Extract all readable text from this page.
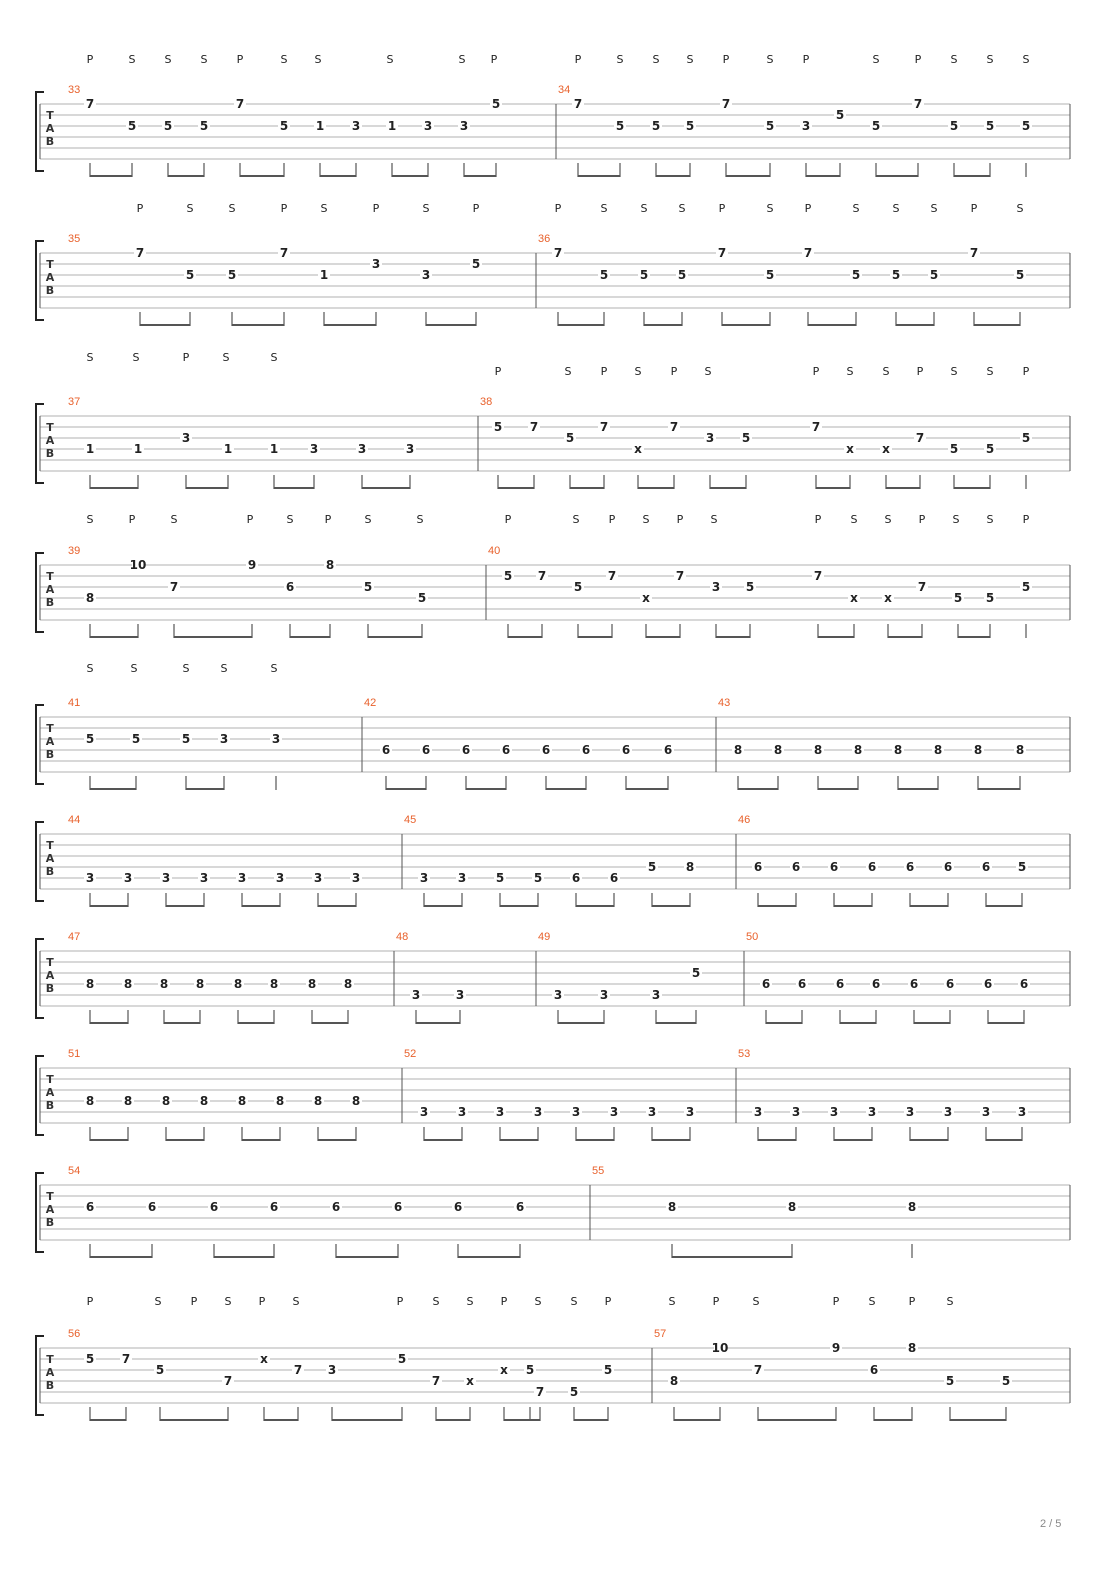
T
A
B
33
7
5 5 5
7
5 1 3 1 3 3
5
34
7
5 5 5
7
5 3
5
5
7
5 5 5
P	S	S	S	P	S S	S	S P	P	S	S S	P	S	P	S	P	S	S	S
T
A
B
35
7
5	5
7
1
3
3
5
36
7
5	5 5
7
5
7
5	5 5
7
5
P	S	S	P	S	P	S	P	P	S	S	S	P	S	P	S	S	S	P	S
T
A
B
37
1	1
3
1	1	3	3	3
38
5 7
5
7
x
7
3 5
7
x x
7
5 5
5
S	S	P	S	S
P	S	P S	P S	P S	S P S	S	P
T
A
B
39
8
10
7
9
6
8
5
5
40
5 7
5
7
x
7
3 5
7
x x
7
5 5
5
S	P	S	P	S	P	S	S	P	S	P S P S	P	S S P S S	P
T
A
B
41
5	5	5 3	3
42
6	6	6	6	6	6	6	6
43
8	8	8	8	8	8	8	8
S	S	S	S	S
T
A
B
44
3 3 3 3 3 3 3 3
45
3 3 5 5 6 6
5 8
46
6 6 6 6 6 6 6 5
T
A
B
47
8 8 8 8 8 8 8 8
48
3	3
49
3	3	3
5
50
6 6 6 6 6 6 6 6
T
A
B
51
8 8 8 8 8 8 8 8
52
3 3 3 3 3 3 3 3
53
3 3 3 3 3 3 3 3
T
A
B
54
6	6	6	6	6	6	6	6
55
8	8	8
T
A
B
56
5 7
5
7
x
7 3
5
7 x
x
7 5
5
5
57
8
10
7
9
6
8
5	5
P	S	P S P S	P	S S P S	S P	S	P	S	P	S	P	S
2 / 5
